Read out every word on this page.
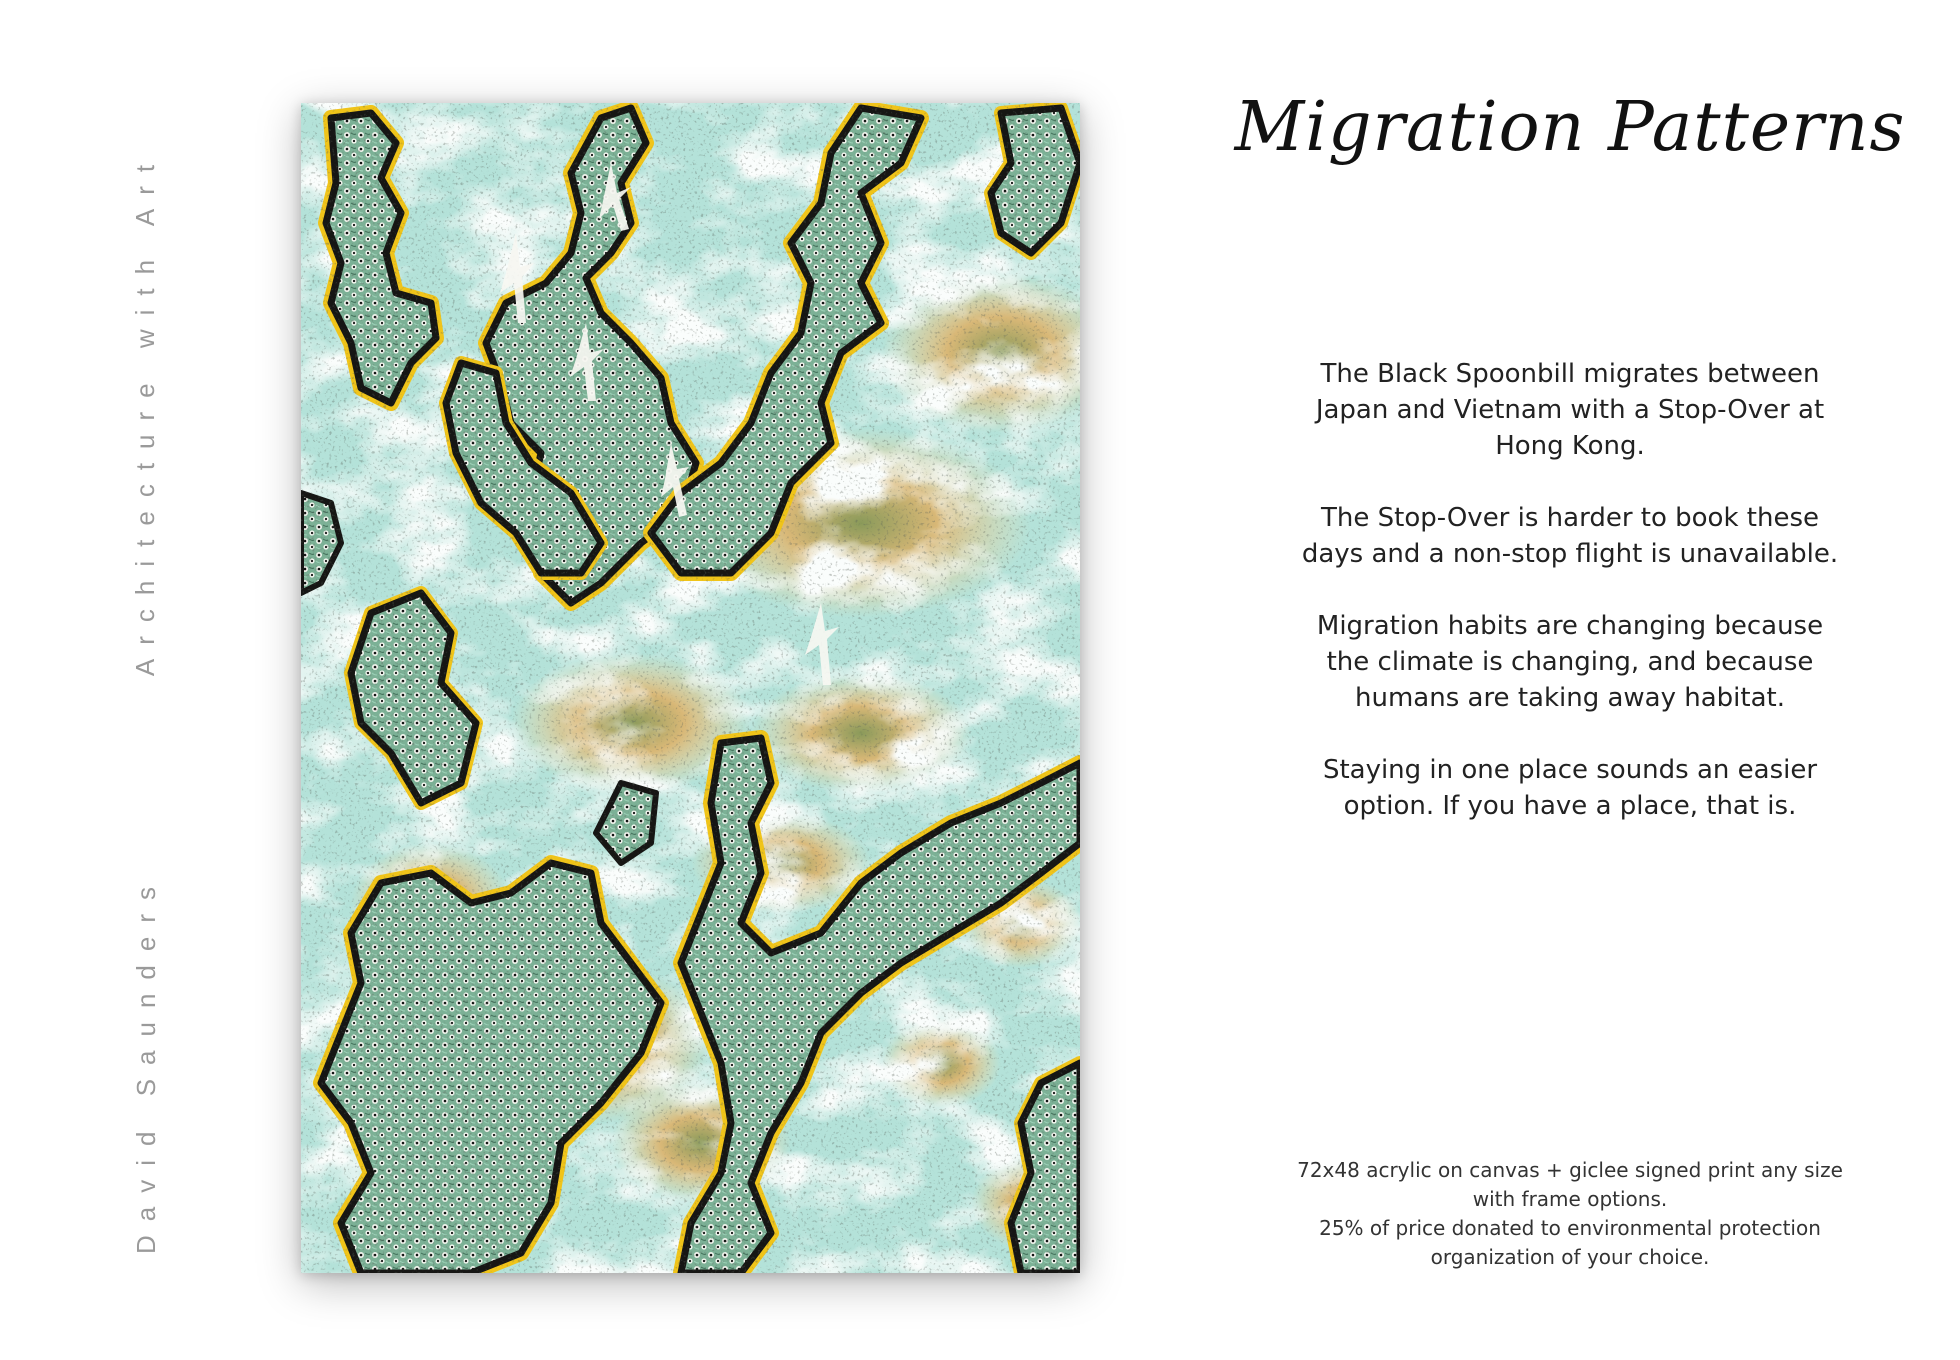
Architecture with Art
David Saunders
Migration Patterns

The Black Spoonbill migrates between Japan and Vietnam with a Stop-Over at Hong Kong.

The Stop-Over is harder to book these days and a non-stop flight is unavailable.

Migration habits are changing because the climate is changing, and because humans are taking away habitat.

Staying in one place sounds an easier option. If you have a place, that is.

72x48 acrylic on canvas + giclee signed print any size with frame options.

25% of price donated to environmental protection organization of your choice.
